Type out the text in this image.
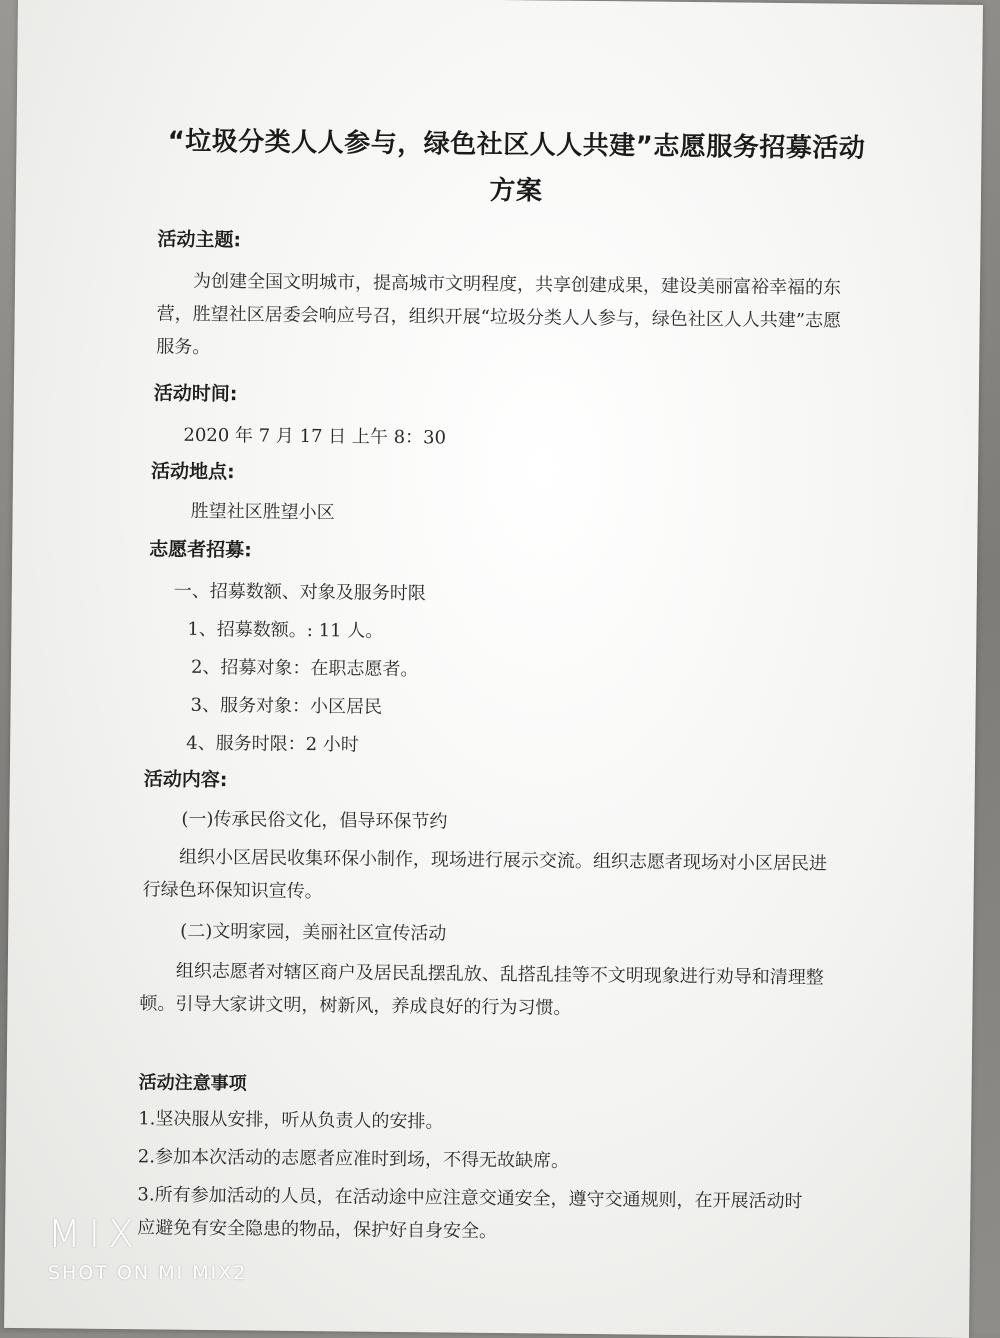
“垃圾分类人人参与，绿色社区人人共建”志愿服务招募活动方案
活动主题:
为创建全国文明城市，提高城市文明程度，共享创建成果，建设美丽富裕幸福的东营，胜望社区居委会响应号召，组织开展“垃圾分类人人参与，绿色社区人人共建”志愿服务。
活动时间:
2020 年 7 月 17 日 上午 8：30
活动地点:
胜望社区胜望小区
志愿者招募:
一、招募数额、对象及服务时限
1、招募数额。: 11 人。
2、招募对象：在职志愿者。
3、服务对象：小区居民
4、服务时限：2 小时
活动内容:
(一)传承民俗文化，倡导环保节约
组织小区居民收集环保小制作，现场进行展示交流。组织志愿者现场对小区居民进行绿色环保知识宣传。
(二)文明家园，美丽社区宣传活动
组织志愿者对辖区商户及居民乱摆乱放、乱搭乱挂等不文明现象进行劝导和清理整顿。引导大家讲文明，树新风，养成良好的行为习惯。
活动注意事项
1.坚决服从安排，听从负责人的安排。
2.参加本次活动的志愿者应准时到场，不得无故缺席。
3.所有参加活动的人员，在活动途中应注意交通安全，遵守交通规则，在开展活动时应避免有安全隐患的物品，保护好自身安全。
MIX
SHOT ON MI MIX2
